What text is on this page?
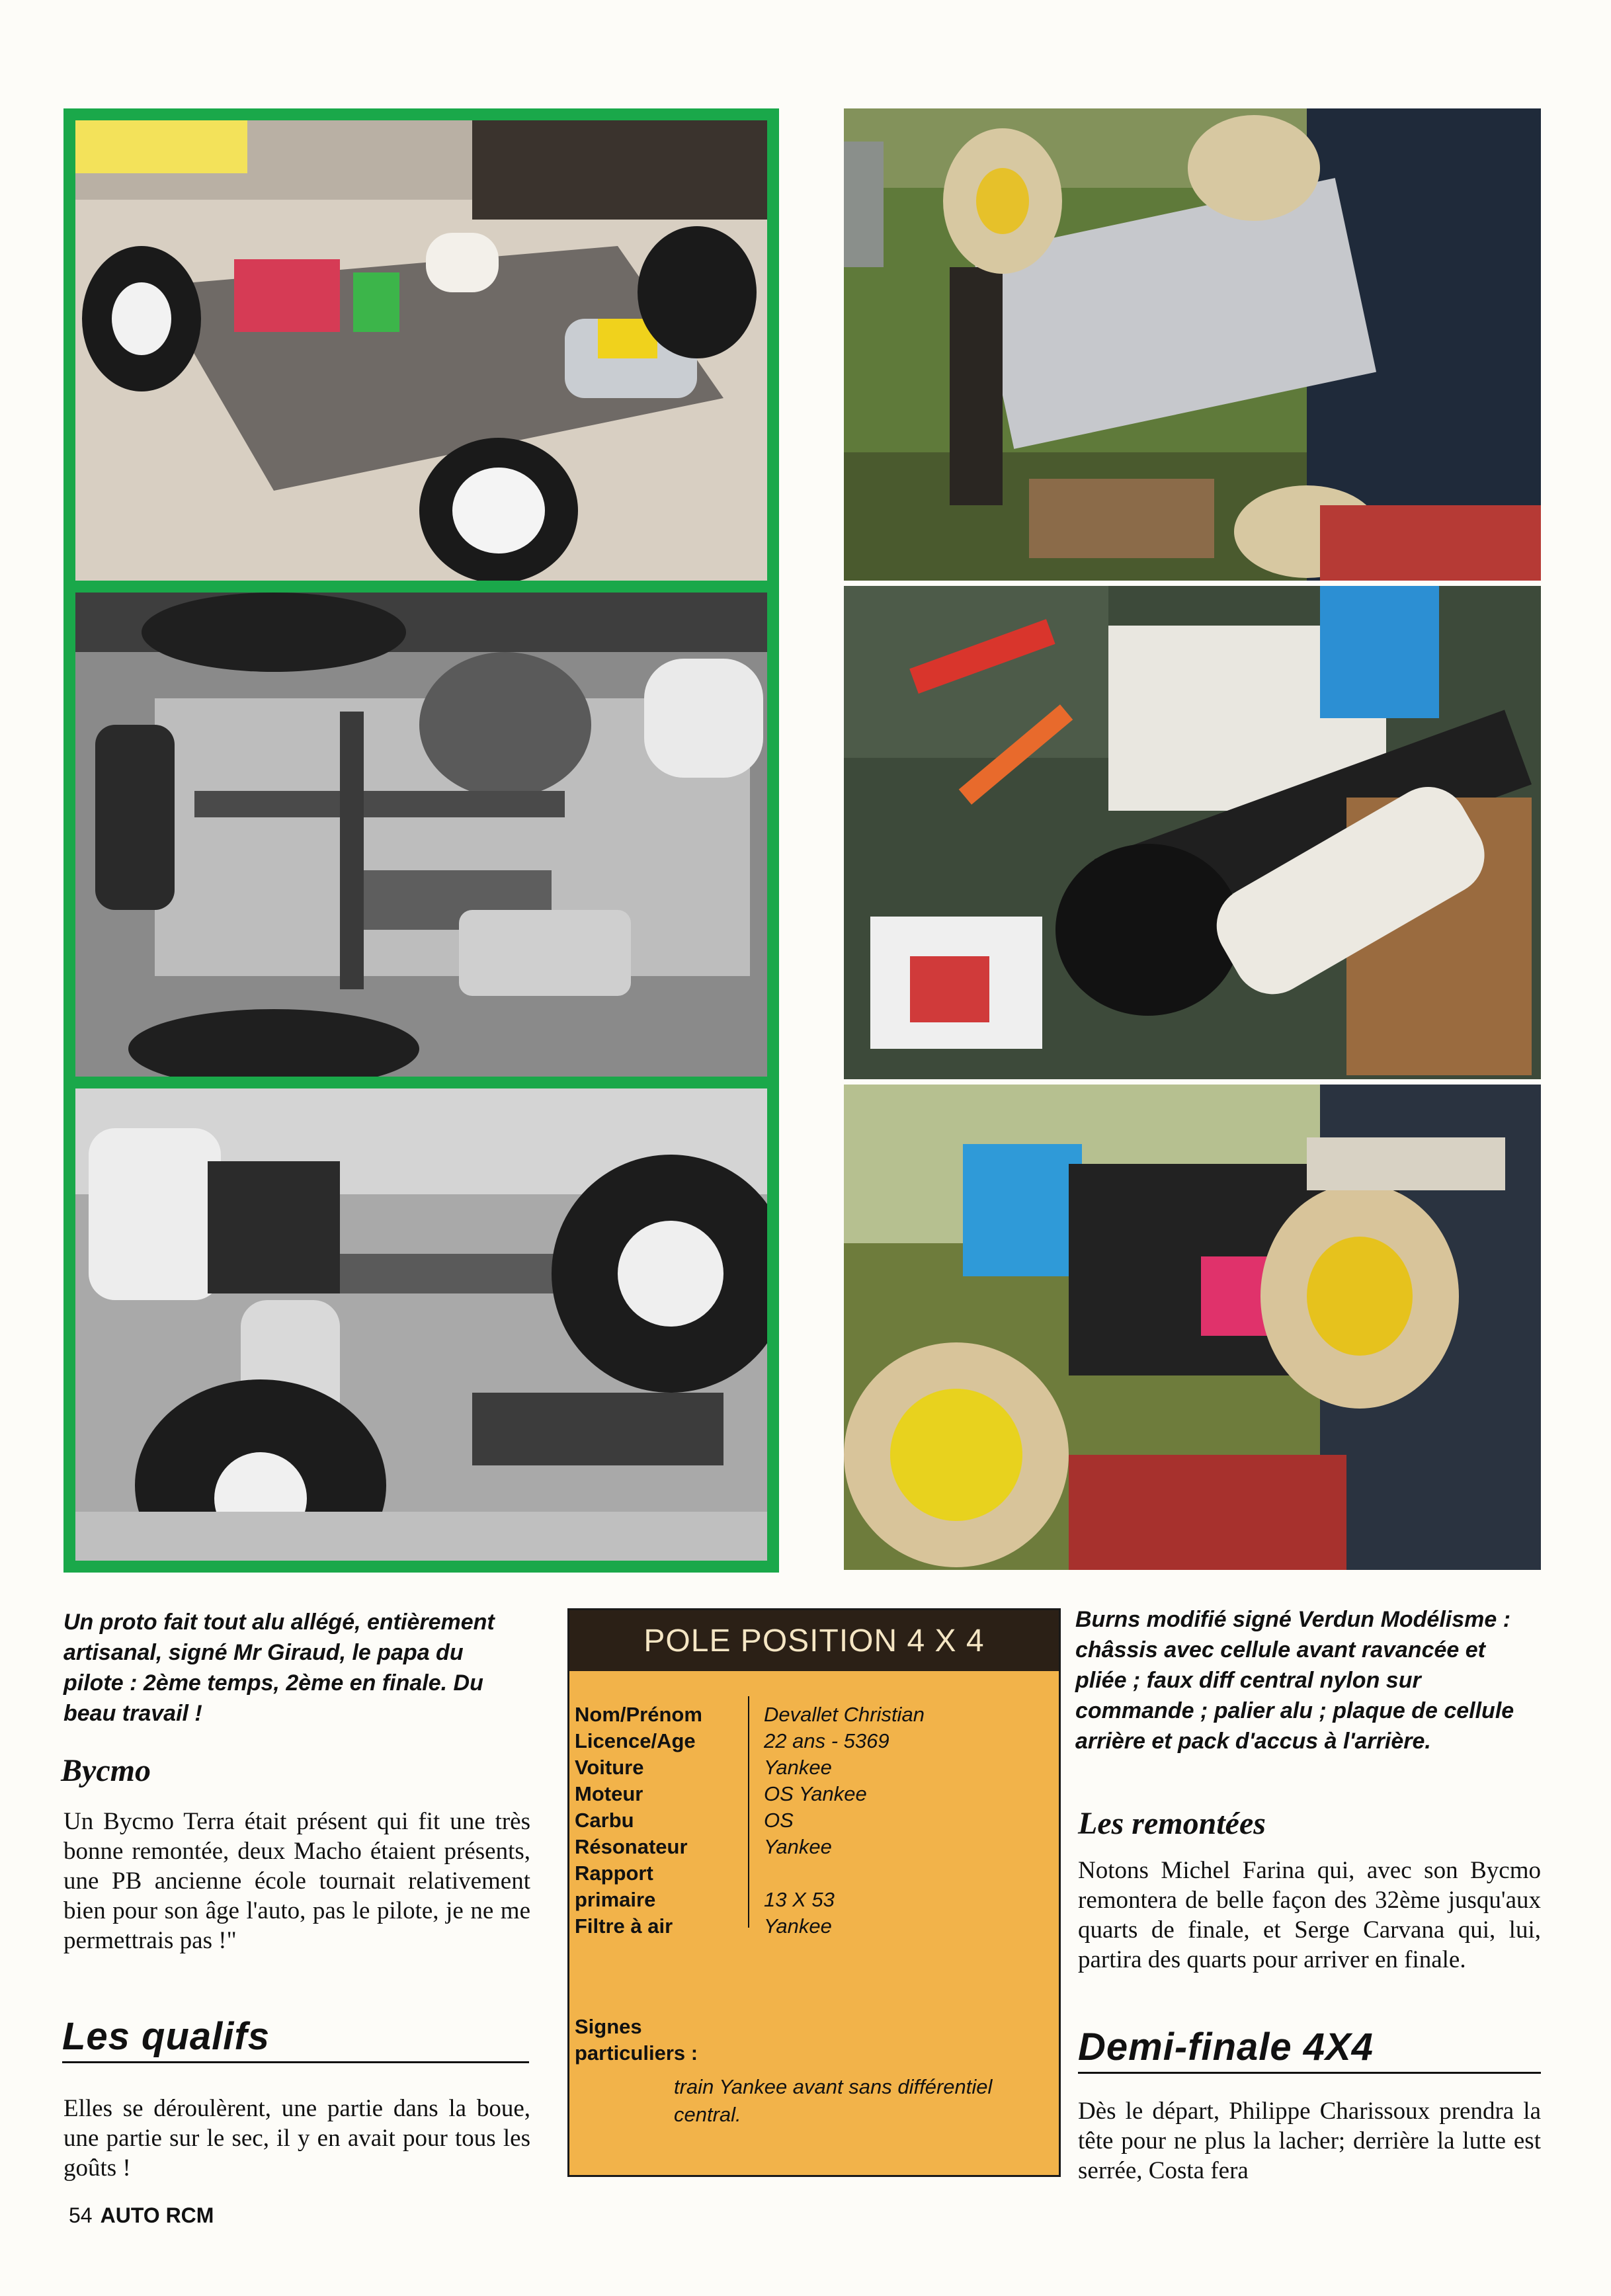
Un proto fait tout alu allégé, entièrement artisanal, signé Mr Giraud, le papa du pilote : 2ème temps, 2ème en finale. Du beau travail !
Bycmo
Un Bycmo Terra était présent qui fit une très bonne remontée, deux Macho étaient présents, une PB ancienne école tournait relativement bien pour son âge l'auto, pas le pilote, je ne me permettrais pas !"
Les qualifs
Elles se déroulèrent, une partie dans la boue, une partie sur le sec, il y en avait pour tous les goûts !
POLE POSITION 4 X 4
Nom/Prénom	Devallet Christian
Licence/Age	22 ans - 5369
Voiture	Yankee
Moteur	OS Yankee
Carbu	OS
Résonateur	Yankee
Rapport
primaire	13 X 53
Filtre à air	Yankee
Signes particuliers :
train Yankee avant sans différentiel central.
Burns modifié signé Verdun Modélisme : châssis avec cellule avant ravancée et pliée ; faux diff central nylon sur commande ; palier alu ; plaque de cellule arrière et pack d'accus à l'arrière.
Les remontées
Notons Michel Farina qui, avec son Bycmo remontera de belle façon des 32ème jusqu'aux quarts de finale, et Serge Carvana qui, lui, partira des quarts pour arriver en finale.
Demi-finale 4X4
Dès le départ, Philippe Charissoux prendra la tête pour ne plus la lacher; derrière la lutte est serrée, Costa fera
54 AUTO RCM
